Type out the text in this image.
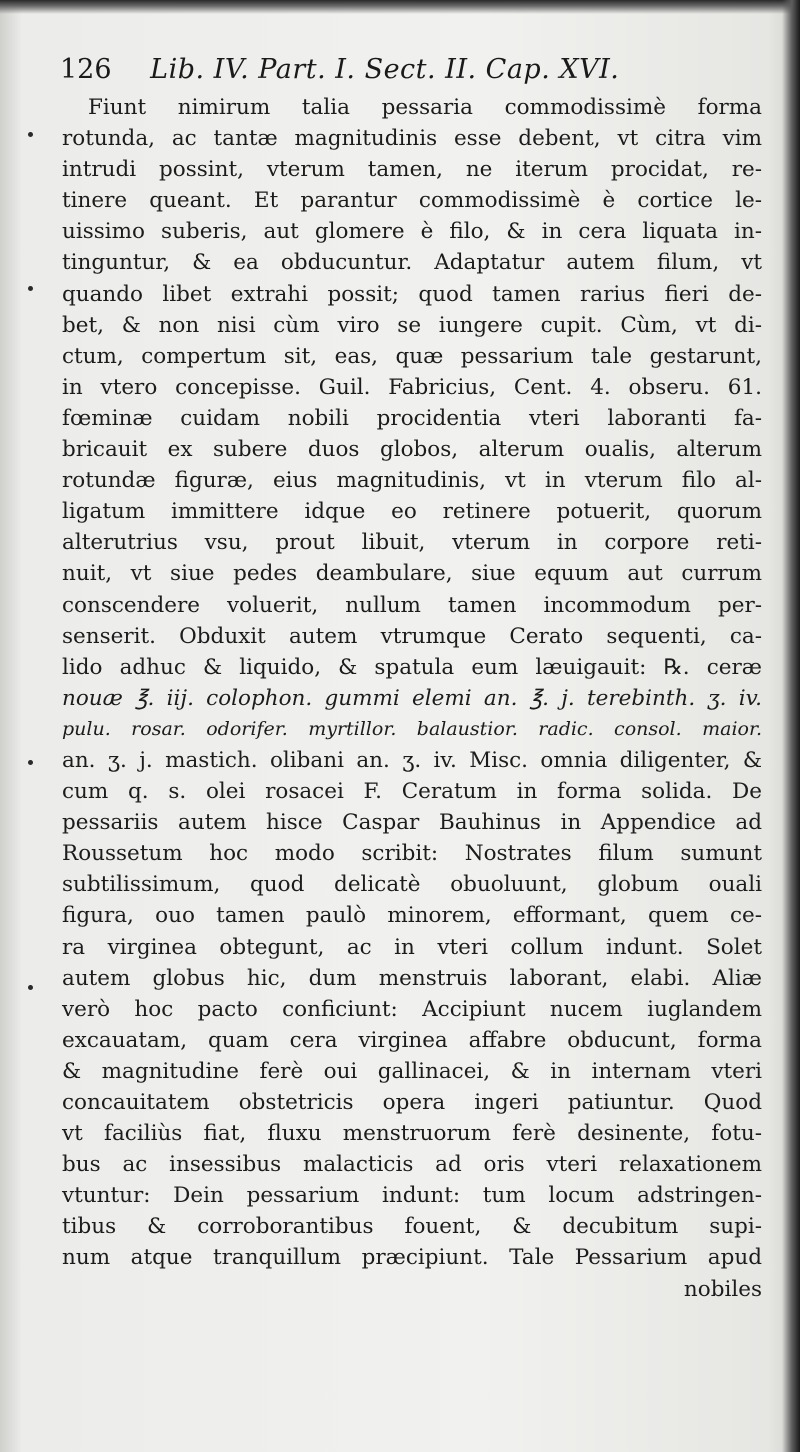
126 Lib. IV. Part. I. Sect. II. Cap. XVI.
Fiunt nimirum talia pessaria commodissimè forma
rotunda, ac tantæ magnitudinis esse debent, vt citra vim
intrudi possint, vterum tamen, ne iterum procidat, re-
tinere queant. Et parantur commodissimè è cortice le-
uissimo suberis, aut glomere è filo, & in cera liquata in-
tinguntur, & ea obducuntur. Adaptatur autem filum, vt
quando libet extrahi possit; quod tamen rarius fieri de-
bet, & non nisi cùm viro se iungere cupit. Cùm, vt di-
ctum, compertum sit, eas, quæ pessarium tale gestarunt,
in vtero concepisse. Guil. Fabricius, Cent. 4. obseru. 61.
fœminæ cuidam nobili procidentia vteri laboranti fa-
bricauit ex subere duos globos, alterum oualis, alterum
rotundæ figuræ, eius magnitudinis, vt in vterum filo al-
ligatum immittere idque eo retinere potuerit, quorum
alterutrius vsu, prout libuit, vterum in corpore reti-
nuit, vt siue pedes deambulare, siue equum aut currum
conscendere voluerit, nullum tamen incommodum per-
senserit. Obduxit autem vtrumque Cerato sequenti, ca-
lido adhuc & liquido, & spatula eum læuigauit: ℞. ceræ
nouæ ℥. iij. colophon. gummi elemi an. ℥. j. terebinth. ʒ. iv.
pulu. rosar. odorifer. myrtillor. balaustior. radic. consol. maior.
an. ʒ. j. mastich. olibani an. ʒ. iv. Misc. omnia diligenter, &
cum q. s. olei rosacei F. Ceratum in forma solida. De
pessariis autem hisce Caspar Bauhinus in Appendice ad
Roussetum hoc modo scribit: Nostrates filum sumunt
subtilissimum, quod delicatè obuoluunt, globum ouali
figura, ouo tamen paulò minorem, efformant, quem ce-
ra virginea obtegunt, ac in vteri collum indunt. Solet
autem globus hic, dum menstruis laborant, elabi. Aliæ
verò hoc pacto conficiunt: Accipiunt nucem iuglandem
excauatam, quam cera virginea affabre obducunt, forma
& magnitudine ferè oui gallinacei, & in internam vteri
concauitatem obstetricis opera ingeri patiuntur. Quod
vt faciliùs fiat, fluxu menstruorum ferè desinente, fotu-
bus ac insessibus malacticis ad oris vteri relaxationem
vtuntur: Dein pessarium indunt: tum locum adstringen-
tibus & corroborantibus fouent, & decubitum supi-
num atque tranquillum præcipiunt. Tale Pessarium apud
nobiles
